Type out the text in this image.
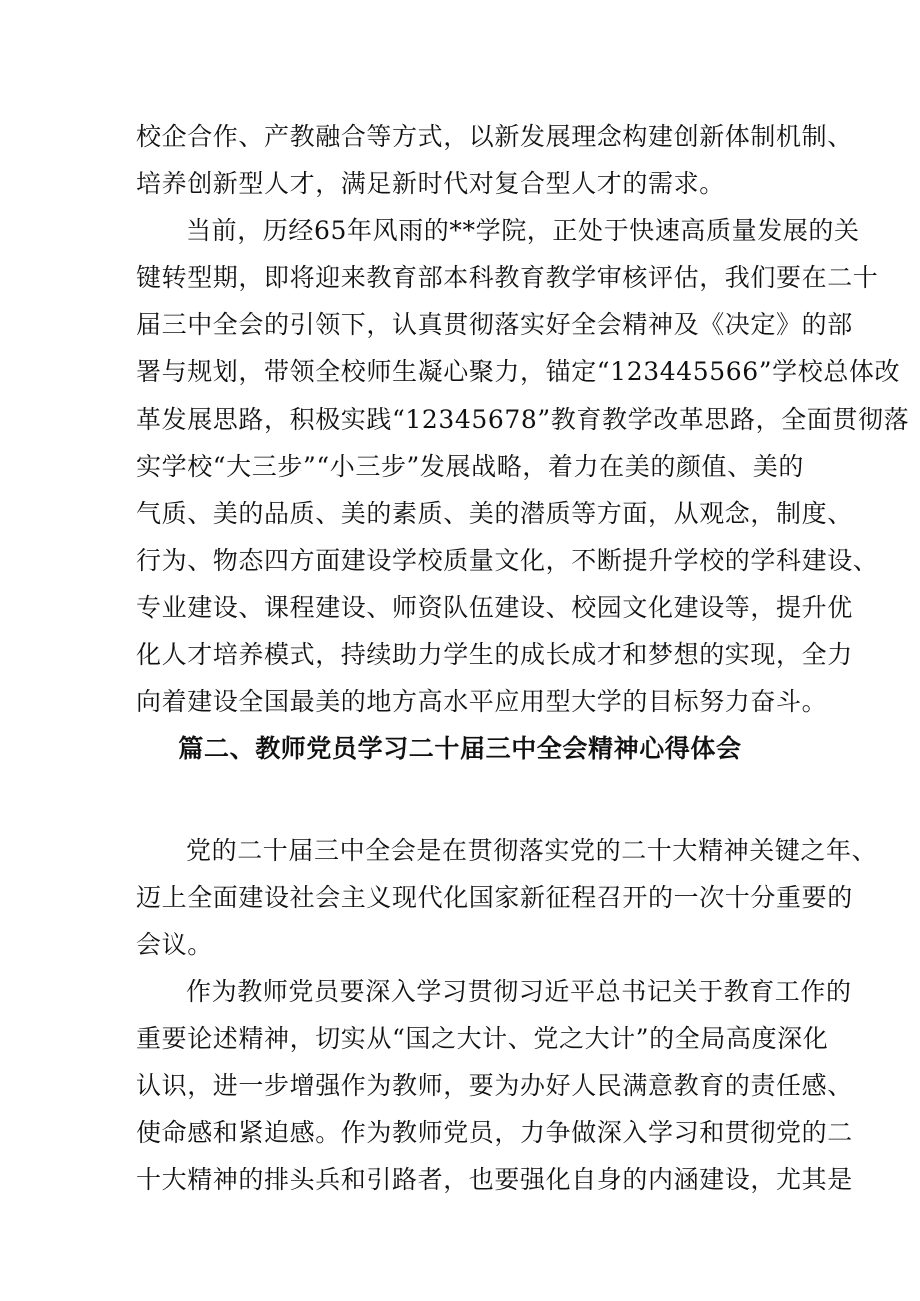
校企合作、产教融合等方式，以新发展理念构建创新体制机制、
培养创新型人才，满足新时代对复合型人才的需求。
当前，历经65年风雨的**学院，正处于快速高质量发展的关
键转型期，即将迎来教育部本科教育教学审核评估，我们要在二十
届三中全会的引领下，认真贯彻落实好全会精神及《决定》的部
署与规划，带领全校师生凝心聚力，锚定“123445566”学校总体改
革发展思路，积极实践“12345678”教育教学改革思路，全面贯彻落
实学校“大三步”“小三步”发展战略，着力在美的颜值、美的
气质、美的品质、美的素质、美的潜质等方面，从观念，制度、
行为、物态四方面建设学校质量文化，不断提升学校的学科建设、
专业建设、课程建设、师资队伍建设、校园文化建设等，提升优
化人才培养模式，持续助力学生的成长成才和梦想的实现，全力
向着建设全国最美的地方高水平应用型大学的目标努力奋斗。
篇二、教师党员学习二十届三中全会精神心得体会
党的二十届三中全会是在贯彻落实党的二十大精神关键之年、
迈上全面建设社会主义现代化国家新征程召开的一次十分重要的
会议。
作为教师党员要深入学习贯彻习近平总书记关于教育工作的
重要论述精神，切实从“国之大计、党之大计”的全局高度深化
认识，进一步增强作为教师，要为办好人民满意教育的责任感、
使命感和紧迫感。作为教师党员，力争做深入学习和贯彻党的二
十大精神的排头兵和引路者，也要强化自身的内涵建设，尤其是
